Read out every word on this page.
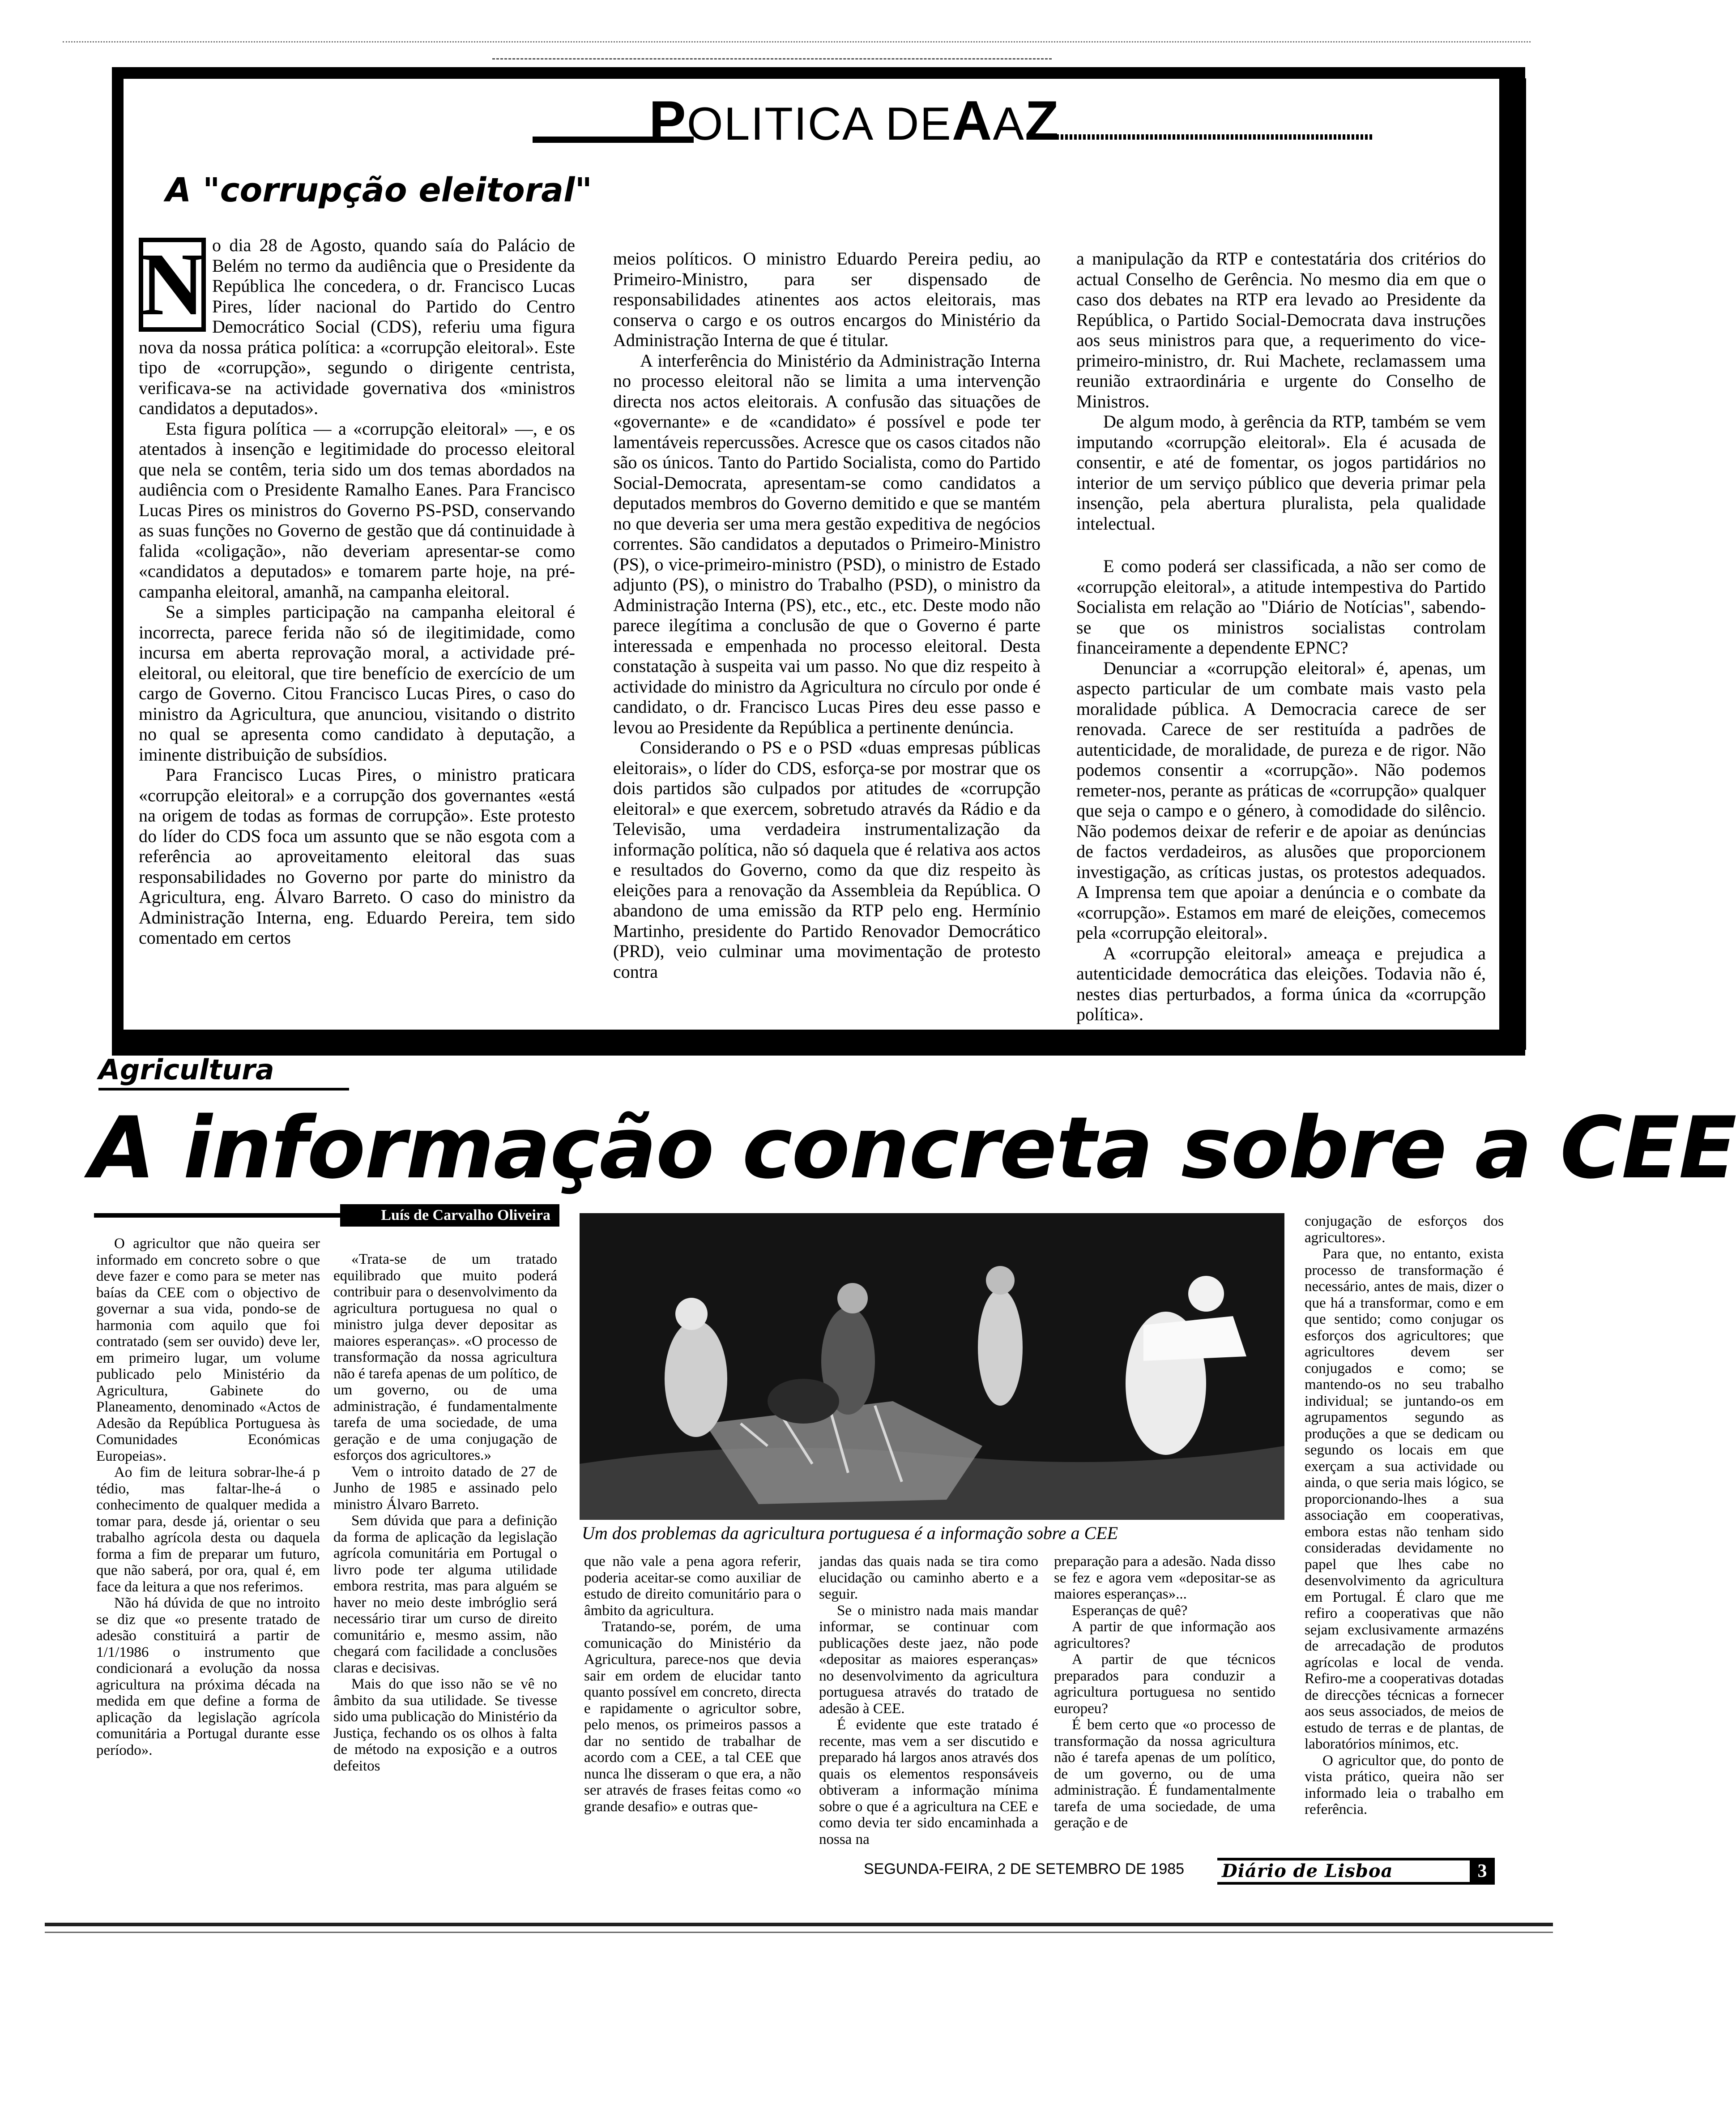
POLITICA DEAAZ
A "corrupção eleitoral"
N o dia 28 de Agosto, quando saía do Palácio de Belém no termo da audiência que o Presidente da República lhe concedera, o dr. Francisco Lucas Pires, líder nacional do Partido do Centro Democrático Social (CDS), referiu uma figura nova da nossa prática política: a «corrupção eleitoral». Este tipo de «corrupção», segundo o dirigente centrista, verificava-se na actividade governativa dos «ministros candidatos a deputados».

Esta figura política — a «corrupção eleitoral» —, e os atentados à insenção e legitimidade do processo eleitoral que nela se contêm, teria sido um dos temas abordados na audiência com o Presidente Ramalho Eanes. Para Francisco Lucas Pires os ministros do Governo PS-PSD, conservando as suas funções no Governo de gestão que dá continuidade à falida «coligação», não deveriam apresentar-se como «candidatos a deputados» e tomarem parte hoje, na pré-campanha eleitoral, amanhã, na campanha eleitoral.

Se a simples participação na campanha eleitoral é incorrecta, parece ferida não só de ilegitimidade, como incursa em aberta reprovação moral, a actividade pré-eleitoral, ou eleitoral, que tire benefício de exercício de um cargo de Governo. Citou Francisco Lucas Pires, o caso do ministro da Agricultura, que anunciou, visitando o distrito no qual se apresenta como candidato à deputação, a iminente distribuição de subsídios.

Para Francisco Lucas Pires, o ministro praticara «corrupção eleitoral» e a corrupção dos governantes «está na origem de todas as formas de corrupção». Este protesto do líder do CDS foca um assunto que se não esgota com a referência ao aproveitamento eleitoral das suas responsabilidades no Governo por parte do ministro da Agricultura, eng. Álvaro Barreto. O caso do ministro da Administração Interna, eng. Eduardo Pereira, tem sido comentado em certos

meios políticos. O ministro Eduardo Pereira pediu, ao Primeiro-Ministro, para ser dispensado de responsabilidades atinentes aos actos eleitorais, mas conserva o cargo e os outros encargos do Ministério da Administração Interna de que é titular.

A interferência do Ministério da Administração Interna no processo eleitoral não se limita a uma intervenção directa nos actos eleitorais. A confusão das situações de «governante» e de «candidato» é possível e pode ter lamentáveis repercussões. Acresce que os casos citados não são os únicos. Tanto do Partido Socialista, como do Partido Social-Democrata, apresentam-se como candidatos a deputados membros do Governo demitido e que se mantém no que deveria ser uma mera gestão expeditiva de negócios correntes. São candidatos a deputados o Primeiro-Ministro (PS), o vice-primeiro-ministro (PSD), o ministro de Estado adjunto (PS), o ministro do Trabalho (PSD), o ministro da Administração Interna (PS), etc., etc., etc. Deste modo não parece ilegítima a conclusão de que o Governo é parte interessada e empenhada no processo eleitoral. Desta constatação à suspeita vai um passo. No que diz respeito à actividade do ministro da Agricultura no círculo por onde é candidato, o dr. Francisco Lucas Pires deu esse passo e levou ao Presidente da República a pertinente denúncia.

Considerando o PS e o PSD «duas empresas públicas eleitorais», o líder do CDS, esforça-se por mostrar que os dois partidos são culpados por atitudes de «corrupção eleitoral» e que exercem, sobretudo através da Rádio e da Televisão, uma verdadeira instrumentalização da informação política, não só daquela que é relativa aos actos e resultados do Governo, como da que diz respeito às eleições para a renovação da Assembleia da República. O abandono de uma emissão da RTP pelo eng. Hermínio Martinho, presidente do Partido Renovador Democrático (PRD), veio culminar uma movimentação de protesto contra

a manipulação da RTP e contestatária dos critérios do actual Conselho de Gerência. No mesmo dia em que o caso dos debates na RTP era levado ao Presidente da República, o Partido Social-Democrata dava instruções aos seus ministros para que, a requerimento do vice-primeiro-ministro, dr. Rui Machete, reclamassem uma reunião extraordinária e urgente do Conselho de Ministros.

De algum modo, à gerência da RTP, também se vem imputando «corrupção eleitoral». Ela é acusada de consentir, e até de fomentar, os jogos partidários no interior de um serviço público que deveria primar pela insenção, pela abertura pluralista, pela qualidade intelectual.

E como poderá ser classificada, a não ser como de «corrupção eleitoral», a atitude intempestiva do Partido Socialista em relação ao "Diário de Notícias", sabendo-se que os ministros socialistas controlam financeiramente a dependente EPNC?

Denunciar a «corrupção eleitoral» é, apenas, um aspecto particular de um combate mais vasto pela moralidade pública. A Democracia carece de ser renovada. Carece de ser restituída a padrões de autenticidade, de moralidade, de pureza e de rigor. Não podemos consentir a «corrupção». Não podemos remeter-nos, perante as práticas de «corrupção» qualquer que seja o campo e o género, à comodidade do silêncio. Não podemos deixar de referir e de apoiar as denúncias de factos verdadeiros, as alusões que proporcionem investigação, as críticas justas, os protestos adequados. A Imprensa tem que apoiar a denúncia e o combate da «corrupção». Estamos em maré de eleições, comecemos pela «corrupção eleitoral».

A «corrupção eleitoral» ameaça e prejudica a autenticidade democrática das eleições. Todavia não é, nestes dias perturbados, a forma única da «corrupção política».

Agricultura
A informação concreta sobre a CEE
Luís de Carvalho Oliveira
Um dos problemas da agricultura portuguesa é a informação sobre a CEE

O agricultor que não queira ser informado em concreto sobre o que deve fazer e como para se meter nas baías da CEE com o objectivo de governar a sua vida, pondo-se de harmonia com aquilo que foi contratado (sem ser ouvido) deve ler, em primeiro lugar, um volume publicado pelo Ministério da Agricultura, Gabinete do Planeamento, denominado «Actos de Adesão da República Portuguesa às Comunidades Económicas Europeias».

Ao fim de leitura sobrar-lhe-á p tédio, mas faltar-lhe-á o conhecimento de qualquer medida a tomar para, desde já, orientar o seu trabalho agrícola desta ou daquela forma a fim de preparar um futuro, que não saberá, por ora, qual é, em face da leitura a que nos referimos.

Não há dúvida de que no introito se diz que «o presente tratado de adesão constituirá a partir de 1/1/1986 o instrumento que condicionará a evolução da nossa agricultura na próxima década na medida em que define a forma de aplicação da legislação agrícola comunitária a Portugal durante esse período».

«Trata-se de um tratado equilibrado que muito poderá contribuir para o desenvolvimento da agricultura portuguesa no qual o ministro julga dever depositar as maiores esperanças». «O processo de transformação da nossa agricultura não é tarefa apenas de um político, de um governo, ou de uma administração, é fundamentalmente tarefa de uma sociedade, de uma geração e de uma conjugação de esforços dos agricultores.»

Vem o introito datado de 27 de Junho de 1985 e assinado pelo ministro Álvaro Barreto.

Sem dúvida que para a definição da forma de aplicação da legislação agrícola comunitária em Portugal o livro pode ter alguma utilidade embora restrita, mas para alguém se haver no meio deste imbróglio será necessário tirar um curso de direito comunitário e, mesmo assim, não chegará com facilidade a conclusões claras e decisivas.

Mais do que isso não se vê no âmbito da sua utilidade. Se tivesse sido uma publicação do Ministério da Justiça, fechando os os olhos à falta de método na exposição e a outros defeitos

que não vale a pena agora referir, poderia aceitar-se como auxiliar de estudo de direito comunitário para o âmbito da agricultura.

Tratando-se, porém, de uma comunicação do Ministério da Agricultura, parece-nos que devia sair em ordem de elucidar tanto quanto possível em concreto, directa e rapidamente o agricultor sobre, pelo menos, os primeiros passos a dar no sentido de trabalhar de acordo com a CEE, a tal CEE que nunca lhe disseram o que era, a não ser através de frases feitas como «o grande desafio» e outras que-

jandas das quais nada se tira como elucidação ou caminho aberto e a seguir.

Se o ministro nada mais mandar informar, se continuar com publicações deste jaez, não pode «depositar as maiores esperanças» no desenvolvimento da agricultura portuguesa através do tratado de adesão à CEE.

É evidente que este tratado é recente, mas vem a ser discutido e preparado há largos anos através dos quais os elementos responsáveis obtiveram a informação mínima sobre o que é a agricultura na CEE e como devia ter sido encaminhada a nossa na

preparação para a adesão. Nada disso se fez e agora vem «depositar-se as maiores esperanças»...

Esperanças de quê?

A partir de que informação aos agricultores?

A partir de que técnicos preparados para conduzir a agricultura portuguesa no sentido europeu?

É bem certo que «o processo de transformação da nossa agricultura não é tarefa apenas de um político, de um governo, ou de uma administração. É fundamentalmente tarefa de uma sociedade, de uma geração e de

conjugação de esforços dos agricultores».

Para que, no entanto, exista processo de transformação é necessário, antes de mais, dizer o que há a transformar, como e em que sentido; como conjugar os esforços dos agricultores; que agricultores devem ser conjugados e como; se mantendo-os no seu trabalho individual; se juntando-os em agrupamentos segundo as produções a que se dedicam ou segundo os locais em que exerçam a sua actividade ou ainda, o que seria mais lógico, se proporcionando-lhes a sua associação em cooperativas, embora estas não tenham sido consideradas devidamente no papel que lhes cabe no desenvolvimento da agricultura em Portugal. É claro que me refiro a cooperativas que não sejam exclusivamente armazéns de arrecadação de produtos agrícolas e local de venda. Refiro-me a cooperativas dotadas de direcções técnicas a fornecer aos seus associados, de meios de estudo de terras e de plantas, de laboratórios mínimos, etc.

O agricultor que, do ponto de vista prático, queira não ser informado leia o trabalho em referência.

SEGUNDA-FEIRA, 2 DE SETEMBRO DE 1985	Diário de Lisboa	3
